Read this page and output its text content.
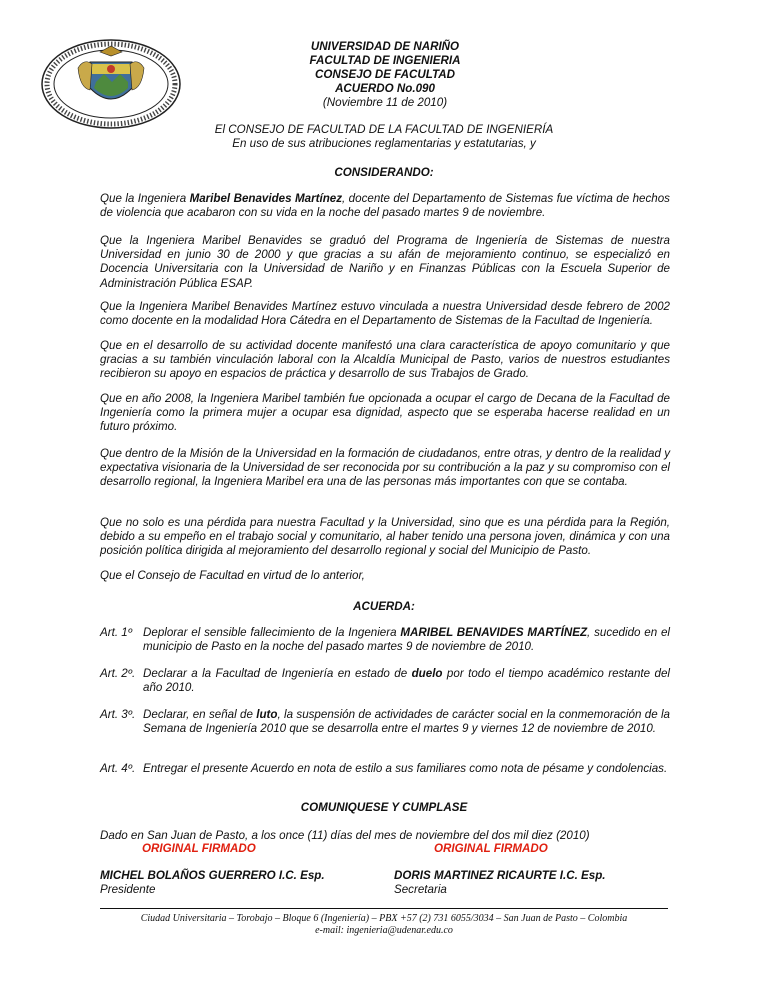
UNIVERSIDAD DE NARIÑO
FACULTAD DE INGENIERIA
CONSEJO DE FACULTAD
ACUERDO No.090
(Noviembre 11 de 2010)
El CONSEJO DE FACULTAD DE LA FACULTAD DE INGENIERÍA
En uso de sus atribuciones reglamentarias y estatutarias, y
CONSIDERANDO:
Que la Ingeniera Maribel Benavides Martínez, docente del Departamento de Sistemas fue víctima de hechos de violencia que acabaron con su vida en la noche del pasado martes 9 de noviembre.
Que la Ingeniera Maribel Benavides se graduó del Programa de Ingeniería de Sistemas de nuestra Universidad en junio 30 de 2000 y que gracias a su afán de mejoramiento continuo, se especializó en Docencia Universitaria con la Universidad de Nariño y en Finanzas Públicas con la Escuela Superior de Administración Pública ESAP.
Que la Ingeniera Maribel Benavides Martínez estuvo vinculada a nuestra Universidad desde febrero de 2002 como docente en la modalidad Hora Cátedra en el Departamento de Sistemas de la Facultad de Ingeniería.
Que en el desarrollo de su actividad docente manifestó una clara característica de apoyo comunitario y que gracias a su también vinculación laboral con la Alcaldía Municipal de Pasto, varios de nuestros estudiantes recibieron su apoyo en espacios de práctica y desarrollo de sus Trabajos de Grado.
Que en año 2008, la Ingeniera Maribel también fue opcionada a ocupar el cargo de Decana de la Facultad de Ingeniería como la primera mujer a ocupar esa dignidad, aspecto que se esperaba hacerse realidad en un futuro próximo.
Que dentro de la Misión de la Universidad en la formación de ciudadanos, entre otras, y dentro de la realidad y expectativa visionaria de la Universidad de ser reconocida por su contribución a la paz y su compromiso con el desarrollo regional, la Ingeniera Maribel era una de las personas más importantes con que se contaba.
Que no solo es una pérdida para nuestra Facultad y la Universidad, sino que es una pérdida para la Región, debido a su empeño en el trabajo social y comunitario, al haber tenido una persona joven, dinámica y con una posición política dirigida al mejoramiento del desarrollo regional y social del Municipio de Pasto.
Que el Consejo de Facultad en virtud de lo anterior,
ACUERDA:
Art. 1º Deplorar el sensible fallecimiento de la Ingeniera MARIBEL BENAVIDES MARTÍNEZ, sucedido en el municipio de Pasto en la noche del pasado martes 9 de noviembre de 2010.
Art. 2º. Declarar a la Facultad de Ingeniería en estado de duelo por todo el tiempo académico restante del año 2010.
Art. 3º. Declarar, en señal de luto, la suspensión de actividades de carácter social en la conmemoración de la Semana de Ingeniería 2010 que se desarrolla entre el martes 9 y viernes 12 de noviembre de 2010.
Art. 4º. Entregar el presente Acuerdo en nota de estilo a sus familiares como nota de pésame y condolencias.
COMUNIQUESE Y CUMPLASE
Dado en San Juan de Pasto, a los once (11) días del mes de noviembre del dos mil diez (2010)
ORIGINAL FIRMADO	ORIGINAL FIRMADO
MICHEL BOLAÑOS GUERRERO I.C. Esp.
Presidente
DORIS MARTINEZ RICAURTE I.C. Esp.
Secretaria
Ciudad Universitaria – Torobajo – Bloque 6 (Ingeniería) – PBX +57 (2) 731 6055/3034 – San Juan de Pasto – Colombia
e-mail: ingenieria@udenar.edu.co
